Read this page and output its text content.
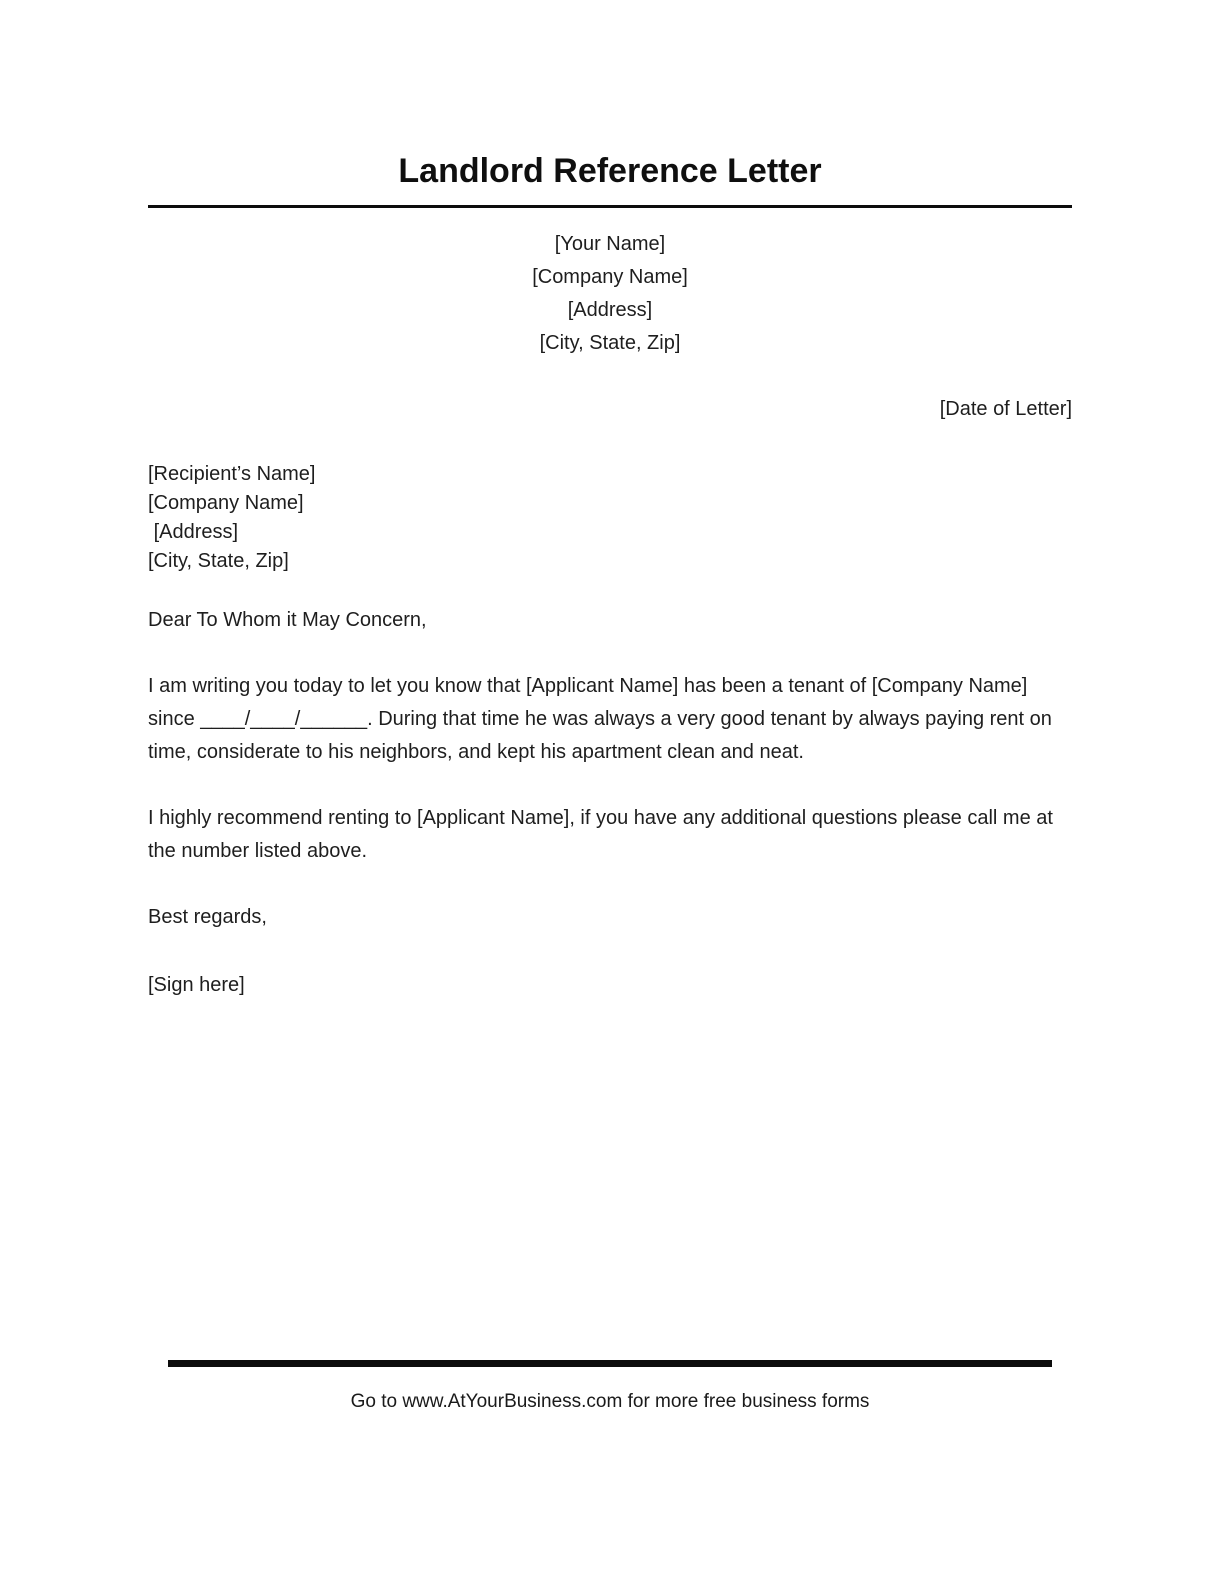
Landlord Reference Letter
[Your Name]
[Company Name]
[Address]
[City, State, Zip]
[Date of Letter]
[Recipient’s Name]
[Company Name]
[Address]
[City, State, Zip]
Dear To Whom it May Concern,

I am writing you today to let you know that [Applicant Name] has been a tenant of [Company Name] since ____/____/______. During that time he was always a very good tenant by always paying rent on time, considerate to his neighbors, and kept his apartment clean and neat.

I highly recommend renting to [Applicant Name], if you have any additional questions please call me at the number listed above.

Best regards,
[Sign here]
Go to www.AtYourBusiness.com for more free business forms
